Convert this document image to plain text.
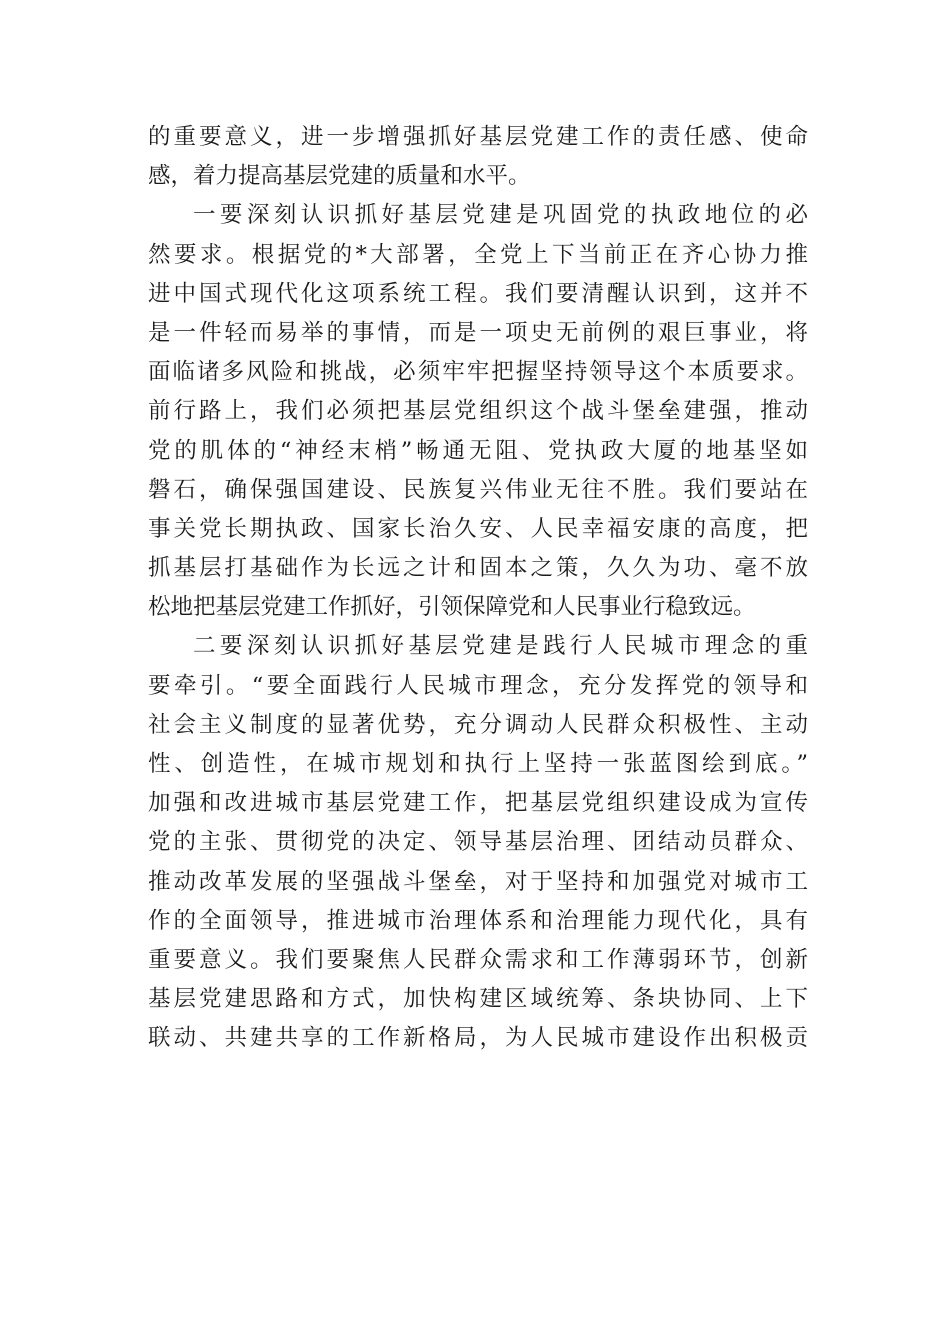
的重要意义，进一步增强抓好基层党建工作的责任感、使命
感，着力提高基层党建的质量和水平。
一要深刻认识抓好基层党建是巩固党的执政地位的必
然要求。根据党的*大部署，全党上下当前正在齐心协力推
进中国式现代化这项系统工程。我们要清醒认识到，这并不
是一件轻而易举的事情，而是一项史无前例的艰巨事业，将
面临诸多风险和挑战，必须牢牢把握坚持领导这个本质要求。
前行路上，我们必须把基层党组织这个战斗堡垒建强，推动
党的肌体的“神经末梢”畅通无阻、党执政大厦的地基坚如
磐石，确保强国建设、民族复兴伟业无往不胜。我们要站在
事关党长期执政、国家长治久安、人民幸福安康的高度，把
抓基层打基础作为长远之计和固本之策，久久为功、毫不放
松地把基层党建工作抓好，引领保障党和人民事业行稳致远。
二要深刻认识抓好基层党建是践行人民城市理念的重
要牵引。“要全面践行人民城市理念，充分发挥党的领导和
社会主义制度的显著优势，充分调动人民群众积极性、主动
性、创造性，在城市规划和执行上坚持一张蓝图绘到底。”
加强和改进城市基层党建工作，把基层党组织建设成为宣传
党的主张、贯彻党的决定、领导基层治理、团结动员群众、
推动改革发展的坚强战斗堡垒，对于坚持和加强党对城市工
作的全面领导，推进城市治理体系和治理能力现代化，具有
重要意义。我们要聚焦人民群众需求和工作薄弱环节，创新
基层党建思路和方式，加快构建区域统筹、条块协同、上下
联动、共建共享的工作新格局，为人民城市建设作出积极贡
